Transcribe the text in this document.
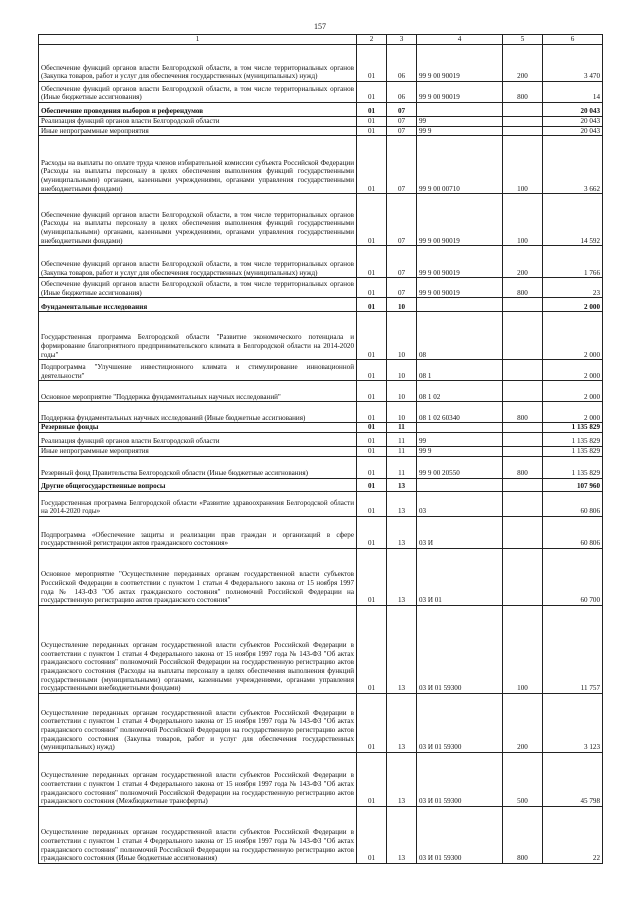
157
1	2	3	4	5	6

Обеспечение функций органов власти Белгородской области, в том числе территориальных органов (Закупка товаров, работ и услуг для обеспечения государственных (муниципальных) нужд)	01	06	99 9 00 90019	200	3 470

Обеспечение функций органов власти Белгородской области, в том числе территориальных органов (Иные бюджетные ассигнования)	01	06	99 9 00 90019	800	14

Обеспечение проведения выборов и референдумов	01	07			20 043

Реализация функций органов власти Белгородской области	01	07	99		20 043

Иные непрограммные мероприятия	01	07	99 9		20 043

Расходы на выплаты по оплате труда членов избирательной комиссии субъекта Российской Федерации (Расходы на выплаты персоналу в целях обеспечения выполнения функций государственными (муниципальными) органами, казенными учреждениями, органами управления государственными внебюджетными фондами)	01	07	99 9 00 00710	100	3 662

Обеспечение функций органов власти Белгородской области, в том числе территориальных органов (Расходы на выплаты персоналу в целях обеспечения выполнения функций государственными (муниципальными) органами, казенными учреждениями, органами управления государственными внебюджетными фондами)	01	07	99 9 00 90019	100	14 592

Обеспечение функций органов власти Белгородской области, в том числе территориальных органов (Закупка товаров, работ и услуг для обеспечения государственных (муниципальных) нужд)	01	07	99 9 00 90019	200	1 766

Обеспечение функций органов власти Белгородской области, в том числе территориальных органов (Иные бюджетные ассигнования)	01	07	99 9 00 90019	800	23

Фундаментальные исследования	01	10			2 000

Государственная программа Белгородской области "Развитие экономического потенциала и формирование благоприятного предпринимательского климата в Белгородской области на 2014-2020 годы"	01	10	08		2 000

Подпрограмма "Улучшение инвестиционного климата и стимулирование инновационной деятельности"	01	10	08 1		2 000

Основное мероприятие "Поддержка фундаментальных научных исследований"	01	10	08 1 02		2 000

Поддержка фундаментальных научных исследований (Иные бюджетные ассигнования)	01	10	08 1 02 60340	800	2 000

Резервные фонды	01	11			1 135 829

Реализация функций органов власти Белгородской области	01	11	99		1 135 829

Иные непрограммные мероприятия	01	11	99 9		1 135 829

Резервный фонд Правительства Белгородской области (Иные бюджетные ассигнования)	01	11	99 9 00 20550	800	1 135 829

Другие общегосударственные вопросы	01	13			107 960

Государственная программа Белгородской области «Развитие здравоохранения Белгородской области на 2014-2020 годы»	01	13	03		60 806

Подпрограмма «Обеспечение защиты и реализации прав граждан и организаций в сфере государственной регистрации актов гражданского состояния»	01	13	03 И		60 806

Основное мероприятие "Осуществление переданных органам государственной власти субъектов Российской Федерации в соответствии с пунктом 1 статьи 4 Федерального закона от 15 ноября 1997 года № 143-ФЗ "Об актах гражданского состояния" полномочий Российской Федерации на государственную регистрацию актов гражданского состояния"	01	13	03 И 01		60 700

Осуществление переданных органам государственной власти субъектов Российской Федерации в соответствии с пунктом 1 статьи 4 Федерального закона от 15 ноября 1997 года № 143-ФЗ "Об актах гражданского состояния" полномочий Российской Федерации на государственную регистрацию актов гражданского состояния (Расходы на выплаты персоналу в целях обеспечения выполнения функций государственными (муниципальными) органами, казенными учреждениями, органами управления государственными внебюджетными фондами)	01	13	03 И 01 59300	100	11 757

Осуществление переданных органам государственной власти субъектов Российской Федерации в соответствии с пунктом 1 статьи 4 Федерального закона от 15 ноября 1997 года № 143-ФЗ "Об актах гражданского состояния" полномочий Российской Федерации на государственную регистрацию актов гражданского состояния (Закупка товаров, работ и услуг для обеспечения государственных (муниципальных) нужд)	01	13	03 И 01 59300	200	3 123

Осуществление переданных органам государственной власти субъектов Российской Федерации в соответствии с пунктом 1 статьи 4 Федерального закона от 15 ноября 1997 года № 143-ФЗ "Об актах гражданского состояния" полномочий Российской Федерации на государственную регистрацию актов гражданского состояния (Межбюджетные трансферты)	01	13	03 И 01 59300	500	45 798

Осуществление переданных органам государственной власти субъектов Российской Федерации в соответствии с пунктом 1 статьи 4 Федерального закона от 15 ноября 1997 года № 143-ФЗ "Об актах гражданского состояния" полномочий Российской Федерации на государственную регистрацию актов гражданского состояния (Иные бюджетные ассигнования)	01	13	03 И 01 59300	800	22
